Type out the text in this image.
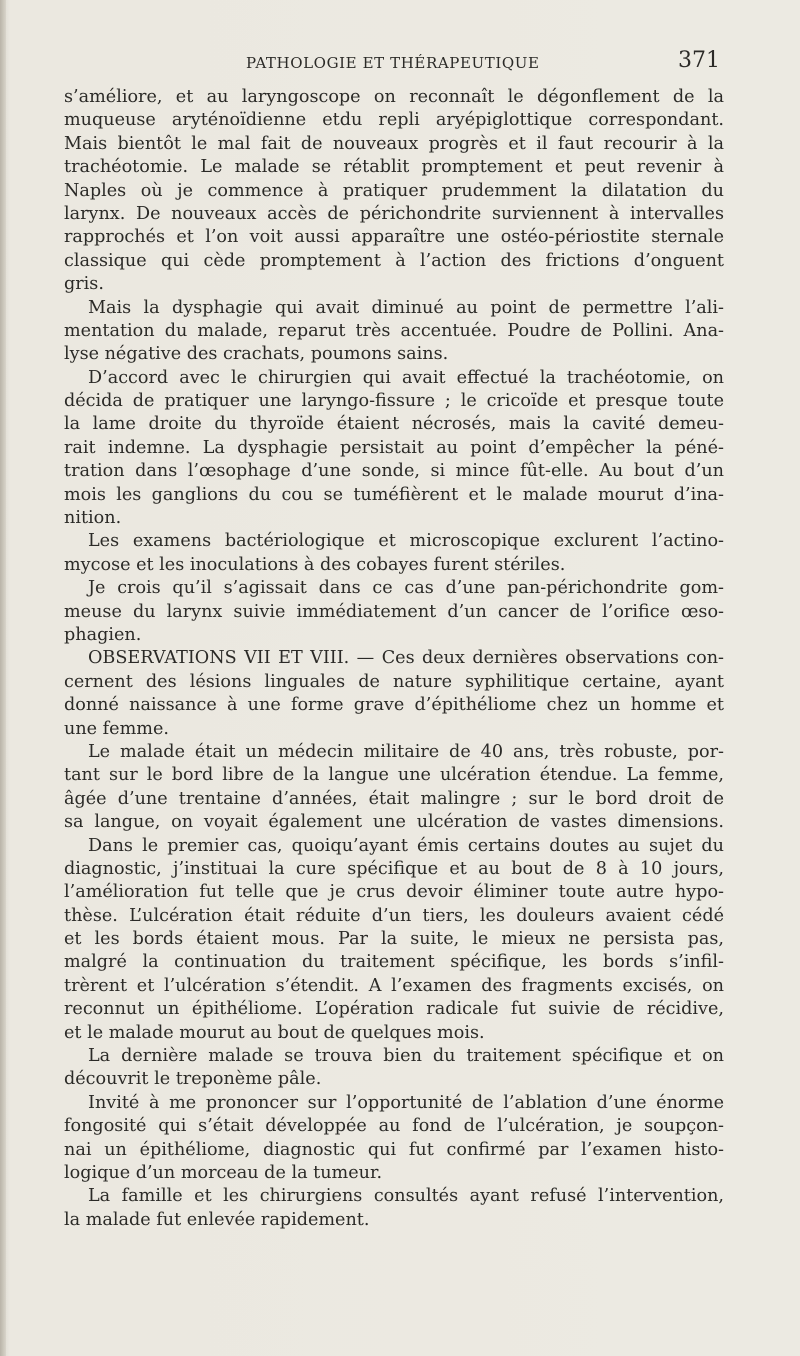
PATHOLOGIE ET THÉRAPEUTIQUE	371
s’améliore, et au laryngoscope on reconnaît le dégonflement de la
muqueuse aryténoïdienne etdu repli aryépiglottique correspondant.
Mais bientôt le mal fait de nouveaux progrès et il faut recourir à la
trachéotomie. Le malade se rétablit promptement et peut revenir à
Naples où je commence à pratiquer prudemment la dilatation du
larynx. De nouveaux accès de périchondrite surviennent à intervalles
rapprochés et l’on voit aussi apparaître une ostéo-périostite sternale
classique qui cède promptement à l’action des frictions d’onguent
gris.
Mais la dysphagie qui avait diminué au point de permettre l’ali-
mentation du malade, reparut très accentuée. Poudre de Pollini. Ana-
lyse négative des crachats, poumons sains.
D’accord avec le chirurgien qui avait effectué la trachéotomie, on
décida de pratiquer une laryngo-fissure ; le cricoïde et presque toute
la lame droite du thyroïde étaient nécrosés, mais la cavité demeu-
rait indemne. La dysphagie persistait au point d’empêcher la péné-
tration dans l’œsophage d’une sonde, si mince fût-elle. Au bout d’un
mois les ganglions du cou se tuméfièrent et le malade mourut d’ina-
nition.
Les examens bactériologique et microscopique exclurent l’actino-
mycose et les inoculations à des cobayes furent stériles.
Je crois qu’il s’agissait dans ce cas d’une pan-périchondrite gom-
meuse du larynx suivie immédiatement d’un cancer de l’orifice œso-
phagien.
OBSERVATIONS VII ET VIII. — Ces deux dernières observations con-
cernent des lésions linguales de nature syphilitique certaine, ayant
donné naissance à une forme grave d’épithéliome chez un homme et
une femme.
Le malade était un médecin militaire de 40 ans, très robuste, por-
tant sur le bord libre de la langue une ulcération étendue. La femme,
âgée d’une trentaine d’années, était malingre ; sur le bord droit de
sa langue, on voyait également une ulcération de vastes dimensions.
Dans le premier cas, quoiqu’ayant émis certains doutes au sujet du
diagnostic, j’instituai la cure spécifique et au bout de 8 à 10 jours,
l’amélioration fut telle que je crus devoir éliminer toute autre hypo-
thèse. L’ulcération était réduite d’un tiers, les douleurs avaient cédé
et les bords étaient mous. Par la suite, le mieux ne persista pas,
malgré la continuation du traitement spécifique, les bords s’infil-
trèrent et l’ulcération s’étendit. A l’examen des fragments excisés, on
reconnut un épithéliome. L’opération radicale fut suivie de récidive,
et le malade mourut au bout de quelques mois.
La dernière malade se trouva bien du traitement spécifique et on
découvrit le treponème pâle.
Invité à me prononcer sur l’opportunité de l’ablation d’une énorme
fongosité qui s’était développée au fond de l’ulcération, je soupçon-
nai un épithéliome, diagnostic qui fut confirmé par l’examen histo-
logique d’un morceau de la tumeur.
La famille et les chirurgiens consultés ayant refusé l’intervention,
la malade fut enlevée rapidement.
